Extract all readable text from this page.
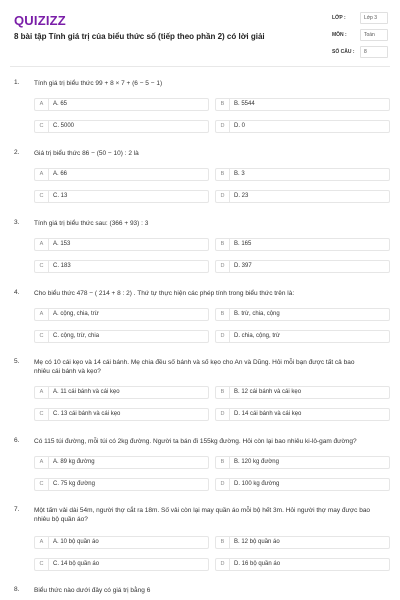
QUIZIZZ
8 bài tập Tính giá trị của biểu thức số (tiếp theo phần 2) có lời giải
LỚP :	Lớp 3
MÔN :	Toán
SỐ CÂU : 8
1. Tính giá trị biểu thức 99 + 8 × 7 + (6 − 5 − 1)
A	A. 65	B	B. 5544
C	C. 5000	D	D. 0
2. Giá trị biểu thức 86 − (50 − 10) : 2 là
A	A. 66	B	B. 3
C	C. 13	D	D. 23
3. Tính giá trị biểu thức sau: (366 + 93) : 3
A	A. 153	B	B. 165
C	C. 183	D	D. 397
4. Cho biểu thức 478 − ( 214 + 8 : 2) . Thứ tự thực hiện các phép tính trong biểu thức trên là:
A	A. cộng, chia, trừ	B	B. trừ, chia, cộng
C	C. cộng, trừ, chia	D	D. chia, cộng, trừ
5. Mẹ có 10 cái kẹo và 14 cái bánh. Mẹ chia đều số bánh và số kẹo cho An và Dũng. Hỏi mỗi bạn được tất cả bao
nhiêu cái bánh và kẹo?
A	A. 11 cái bánh và cái kẹo	B	B. 12 cái bánh và cái kẹo
C	C. 13 cái bánh và cái kẹo	D	D. 14 cái bánh và cái kẹo
6. Có 115 túi đường, mỗi túi có 2kg đường. Người ta bán đi 155kg đường. Hỏi còn lại bao nhiêu ki-lô-gam đường?
A	A. 89 kg đường	B	B. 120 kg đường
C	C. 75 kg đường	D	D. 100 kg đường
7. Một tấm vải dài 54m, người thợ cắt ra 18m. Số vải còn lại may quần áo mỗi bộ hết 3m. Hỏi người thợ may được bao
nhiêu bộ quần áo?
A	A. 10 bộ quần áo	B	B. 12 bộ quần áo
C	C. 14 bộ quần áo	D	D. 16 bộ quần áo
8. Biểu thức nào dưới đây có giá trị bằng 6
